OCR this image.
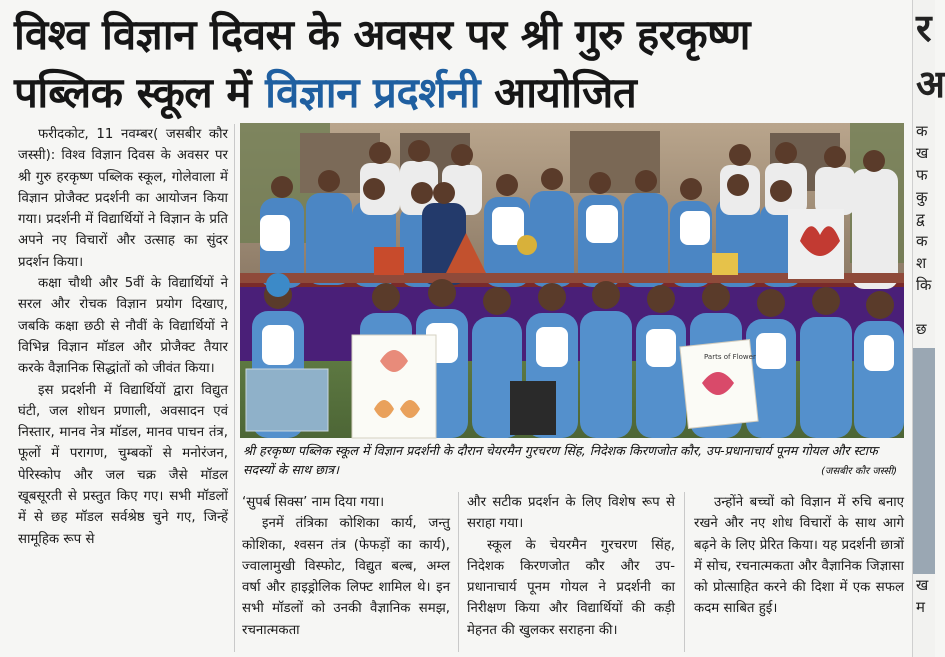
विश्व विज्ञान दिवस के अवसर पर श्री गुरु हरकृष्ण
पब्लिक स्कूल में विज्ञान प्रदर्शनी आयोजित

फरीदकोट, 11 नवम्बर( जसबीर कौर जस्सी): विश्व विज्ञान दिवस के अवसर पर श्री गुरु हरकृष्ण पब्लिक स्कूल, गोलेवाला में विज्ञान प्रोजैक्ट प्रदर्शनी का आयोजन किया गया। प्रदर्शनी में विद्यार्थियों ने विज्ञान के प्रति अपने नए विचारों और उत्साह का सुंदर प्रदर्शन किया।

कक्षा चौथी और 5वीं के विद्यार्थियों ने सरल और रोचक विज्ञान प्रयोग दिखाए, जबकि कक्षा छठी से नौवीं के विद्यार्थियों ने विभिन्न विज्ञान मॉडल और प्रोजैक्ट तैयार करके वैज्ञानिक सिद्धांतों को जीवंत किया।

इस प्रदर्शनी में विद्यार्थियों द्वारा विद्युत घंटी, जल शोधन प्रणाली, अवसादन एवं निस्तार, मानव नेत्र मॉडल, मानव पाचन तंत्र, फूलों में परागण, चुम्बकों से मनोरंजन, पेरिस्कोप और जल चक्र जैसे मॉडल खूबसूरती से प्रस्तुत किए गए। सभी मॉडलों में से छह मॉडल सर्वश्रेष्ठ चुने गए, जिन्हें सामूहिक रूप से

Parts of Flower
श्री हरकृष्ण पब्लिक स्कूल में विज्ञान प्रदर्शनी के दौरान चेयरमैन गुरचरण सिंह, निदेशक किरणजोत कौर, उप-प्रधानाचार्य पूनम गोयल और स्टाफ सदस्यों के साथ छात्र।	(जसबीर कौर जस्सी)

‘सुपर्ब सिक्स’ नाम दिया गया।

इनमें तंत्रिका कोशिका कार्य, जन्तु कोशिका, श्वसन तंत्र (फेफड़ों का कार्य), ज्वालामुखी विस्फोट, विद्युत बल्ब, अम्ल वर्षा और हाइड्रोलिक लिफ्ट शामिल थे। इन सभी मॉडलों को उनकी वैज्ञानिक समझ, रचनात्मकता

और सटीक प्रदर्शन के लिए विशेष रूप से सराहा गया।

स्कूल के चेयरमैन गुरचरण सिंह, निदेशक किरणजोत कौर और उप-प्रधानाचार्य पूनम गोयल ने प्रदर्शनी का निरीक्षण किया और विद्यार्थियों की कड़ी मेहनत की खुलकर सराहना की।

उन्होंने बच्चों को विज्ञान में रुचि बनाए रखने और नए शोध विचारों के साथ आगे बढ़ने के लिए प्रेरित किया। यह प्रदर्शनी छात्रों में सोच, रचनात्मकता और वैज्ञानिक जिज्ञासा को प्रोत्साहित करने की दिशा में एक सफल कदम साबित हुई।

र
अ
क
ख
फ
कु
द्व
क
श
कि
छ
ख
म
